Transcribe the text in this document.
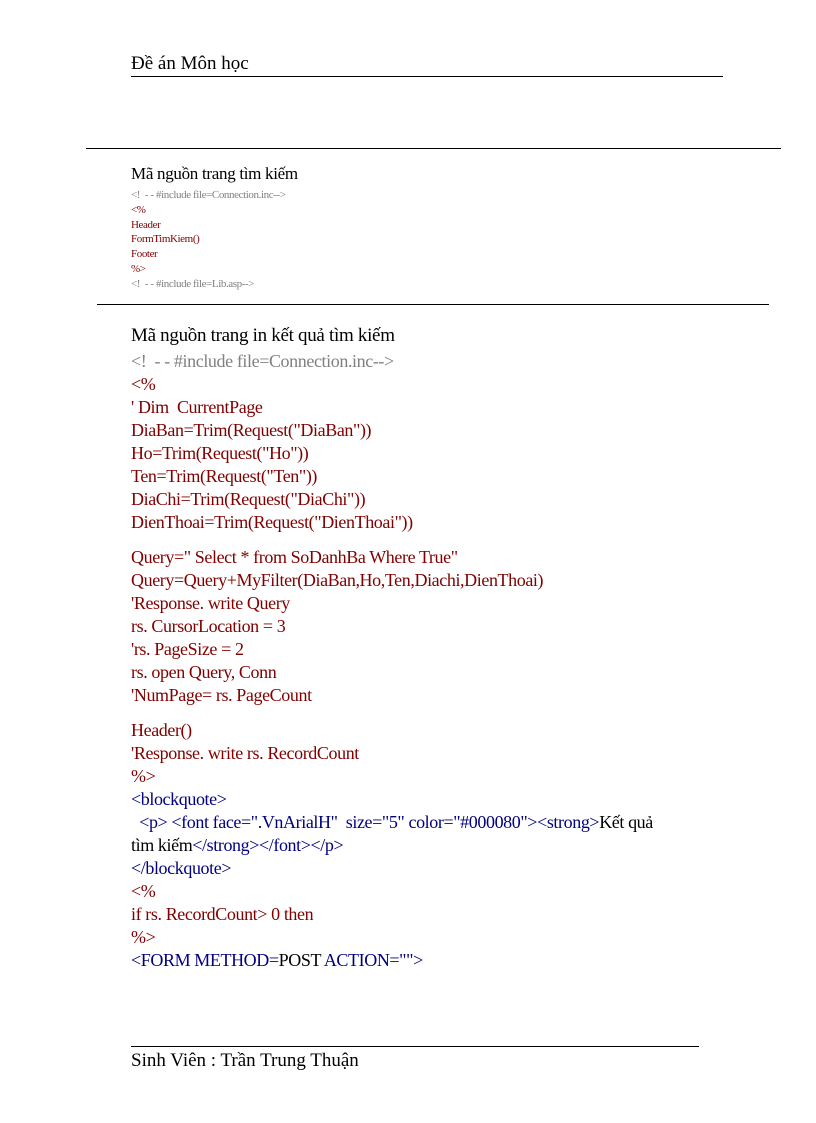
Đề án Môn học
Mã nguồn trang tìm kiếm
<!  - - #include file=Connection.inc-->
<%
Header
FormTimKiem()
Footer
%>
<!  - - #include file=Lib.asp-->
Mã nguồn trang in kết quả tìm kiếm
<!  - - #include file=Connection.inc-->
<%
' Dim  CurrentPage
DiaBan=Trim(Request("DiaBan"))
Ho=Trim(Request("Ho"))
Ten=Trim(Request("Ten"))
DiaChi=Trim(Request("DiaChi"))
DienThoai=Trim(Request("DienThoai"))
Query=" Select * from SoDanhBa Where True"
Query=Query+MyFilter(DiaBan,Ho,Ten,Diachi,DienThoai)
'Response. write Query
rs. CursorLocation = 3
'rs. PageSize = 2
rs. open Query, Conn
'NumPage= rs. PageCount
Header()
'Response. write rs. RecordCount
%>
<blockquote>
<p> <font face=".VnArialH"  size="5" color="#000080"><strong>Kết quả
tìm kiếm</strong></font></p>
</blockquote>
<%
if rs. RecordCount> 0 then
%>
<FORM METHOD=POST ACTION="">
Sinh Viên : Trần Trung Thuận
